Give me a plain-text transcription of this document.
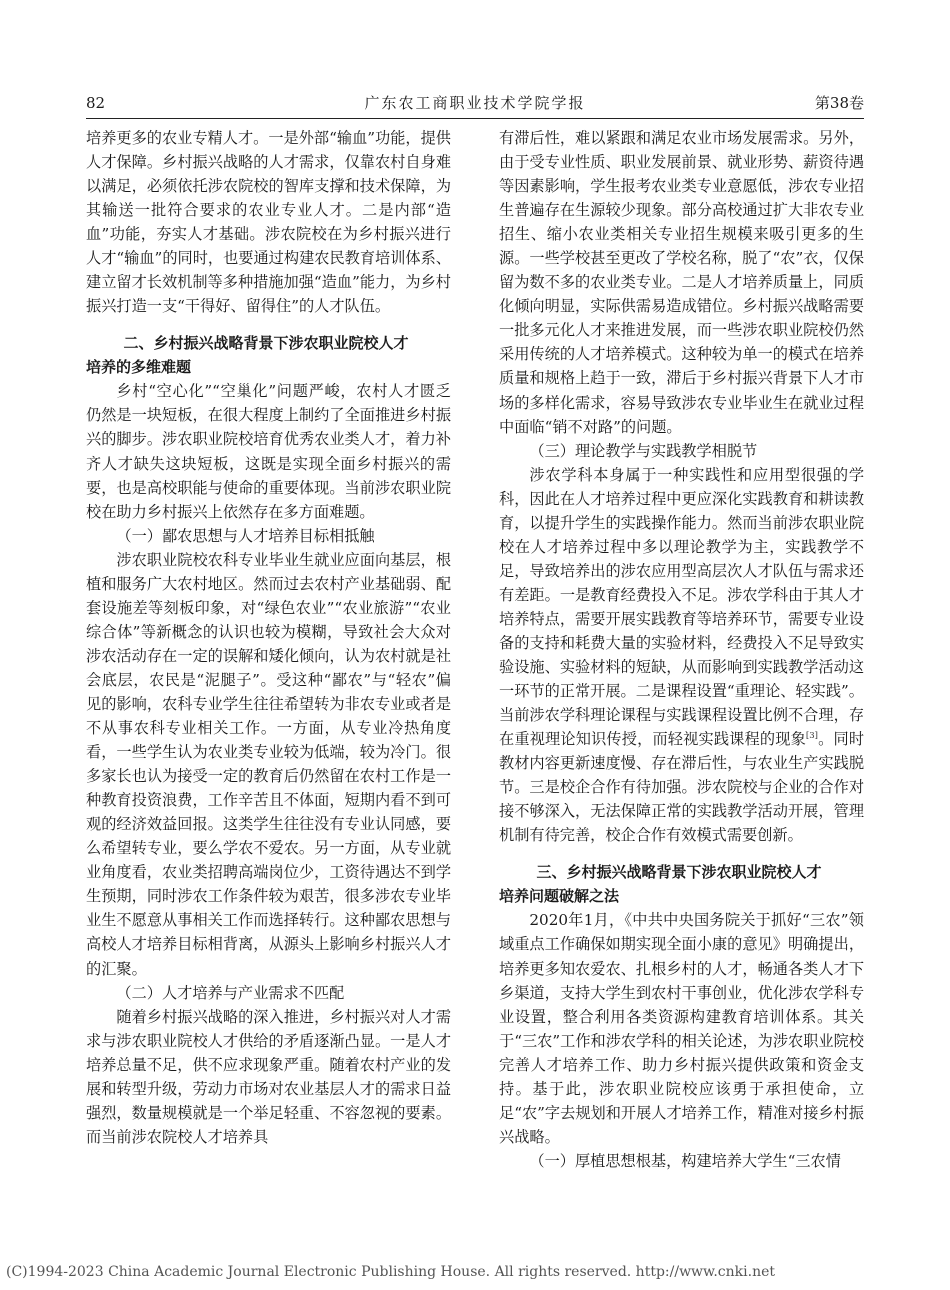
82	广东农工商职业技术学院学报	第38卷

培养更多的农业专精人才。一是外部“输血”功能，提供人才保障。乡村振兴战略的人才需求，仅靠农村自身难以满足，必须依托涉农院校的智库支撑和技术保障，为其输送一批符合要求的农业专业人才。二是内部“造血”功能，夯实人才基础。涉农院校在为乡村振兴进行人才“输血”的同时，也要通过构建农民教育培训体系、建立留才长效机制等多种措施加强“造血”能力，为乡村振兴打造一支“干得好、留得住”的人才队伍。

二、乡村振兴战略背景下涉农职业院校人才

培养的多维难题

乡村“空心化”“空巢化”问题严峻，农村人才匮乏仍然是一块短板，在很大程度上制约了全面推进乡村振兴的脚步。涉农职业院校培育优秀农业类人才，着力补齐人才缺失这块短板，这既是实现全面乡村振兴的需要，也是高校职能与使命的重要体现。当前涉农职业院校在助力乡村振兴上依然存在多方面难题。

（一）鄙农思想与人才培养目标相抵触

涉农职业院校农科专业毕业生就业应面向基层，根植和服务广大农村地区。然而过去农村产业基础弱、配套设施差等刻板印象，对“绿色农业”“农业旅游”“农业综合体”等新概念的认识也较为模糊，导致社会大众对涉农活动存在一定的误解和矮化倾向，认为农村就是社会底层，农民是“泥腿子”。受这种“鄙农”与“轻农”偏见的影响，农科专业学生往往希望转为非农专业或者是不从事农科专业相关工作。一方面，从专业冷热角度看，一些学生认为农业类专业较为低端，较为冷门。很多家长也认为接受一定的教育后仍然留在农村工作是一种教育投资浪费，工作辛苦且不体面，短期内看不到可观的经济效益回报。这类学生往往没有专业认同感，要么希望转专业，要么学农不爱农。另一方面，从专业就业角度看，农业类招聘高端岗位少，工资待遇达不到学生预期，同时涉农工作条件较为艰苦，很多涉农专业毕业生不愿意从事相关工作而选择转行。这种鄙农思想与高校人才培养目标相背离，从源头上影响乡村振兴人才的汇聚。

（二）人才培养与产业需求不匹配

随着乡村振兴战略的深入推进，乡村振兴对人才需求与涉农职业院校人才供给的矛盾逐渐凸显。一是人才培养总量不足，供不应求现象严重。随着农村产业的发展和转型升级，劳动力市场对农业基层人才的需求日益强烈，数量规模就是一个举足轻重、不容忽视的要素。而当前涉农院校人才培养具

有滞后性，难以紧跟和满足农业市场发展需求。另外，由于受专业性质、职业发展前景、就业形势、薪资待遇等因素影响，学生报考农业类专业意愿低，涉农专业招生普遍存在生源较少现象。部分高校通过扩大非农专业招生、缩小农业类相关专业招生规模来吸引更多的生源。一些学校甚至更改了学校名称，脱了“农”衣，仅保留为数不多的农业类专业。二是人才培养质量上，同质化倾向明显，实际供需易造成错位。乡村振兴战略需要一批多元化人才来推进发展，而一些涉农职业院校仍然采用传统的人才培养模式。这种较为单一的模式在培养质量和规格上趋于一致，滞后于乡村振兴背景下人才市场的多样化需求，容易导致涉农专业毕业生在就业过程中面临“销不对路”的问题。

（三）理论教学与实践教学相脱节

涉农学科本身属于一种实践性和应用型很强的学科，因此在人才培养过程中更应深化实践教育和耕读教育，以提升学生的实践操作能力。然而当前涉农职业院校在人才培养过程中多以理论教学为主，实践教学不足，导致培养出的涉农应用型高层次人才队伍与需求还有差距。一是教育经费投入不足。涉农学科由于其人才培养特点，需要开展实践教育等培养环节，需要专业设备的支持和耗费大量的实验材料，经费投入不足导致实验设施、实验材料的短缺，从而影响到实践教学活动这一环节的正常开展。二是课程设置“重理论、轻实践”。当前涉农学科理论课程与实践课程设置比例不合理，存在重视理论知识传授，而轻视实践课程的现象[3]。同时教材内容更新速度慢、存在滞后性，与农业生产实践脱节。三是校企合作有待加强。涉农院校与企业的合作对接不够深入，无法保障正常的实践教学活动开展，管理机制有待完善，校企合作有效模式需要创新。

三、乡村振兴战略背景下涉农职业院校人才

培养问题破解之法

2020年1月，《中共中央国务院关于抓好“三农”领域重点工作确保如期实现全面小康的意见》明确提出，培养更多知农爱农、扎根乡村的人才，畅通各类人才下乡渠道，支持大学生到农村干事创业，优化涉农学科专业设置，整合利用各类资源构建教育培训体系。其关于“三农”工作和涉农学科的相关论述，为涉农职业院校完善人才培养工作、助力乡村振兴提供政策和资金支持。基于此，涉农职业院校应该勇于承担使命，立足“农”字去规划和开展人才培养工作，精准对接乡村振兴战略。

（一）厚植思想根基，构建培养大学生“三农情

(C)1994-2023 China Academic Journal Electronic Publishing House. All rights reserved. http://www.cnki.net
